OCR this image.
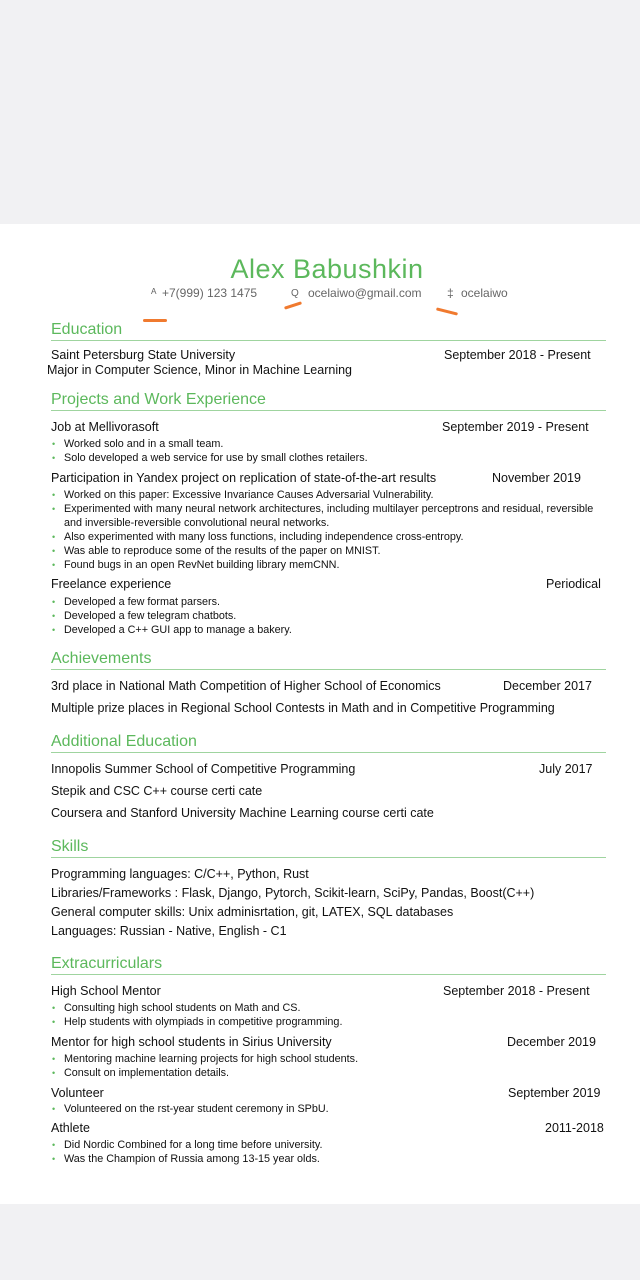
Alex Babushkin
ᴬ +7(999) 123 1475	Q ocelaiwo@gmail.com ‡ ocelaiwo
Education
Saint Petersburg State University	September 2018 - Present
Major in Computer Science, Minor in Machine Learning
Projects and Work Experience
Job at Mellivorasoft	September 2019 - Present
• Worked solo and in a small team.
• Solo developed a web service for use by small clothes retailers.
Participation in Yandex project on replication of state-of-the-art results	November 2019
• Worked on this paper: Excessive Invariance Causes Adversarial Vulnerability.
• Experimented with many neural network architectures, including multilayer perceptrons and residual, reversible
and inversible-reversible convolutional neural networks.
• Also experimented with many loss functions, including independence cross-entropy.
• Was able to reproduce some of the results of the paper on MNIST.
• Found bugs in an open RevNet building library memCNN.
Freelance experience	Periodical
• Developed a few format parsers.
• Developed a few telegram chatbots.
• Developed a C++ GUI app to manage a bakery.
Achievements
3rd place in National Math Competition of Higher School of Economics	December 2017
Multiple prize places in Regional School Contests in Math and in Competitive Programming
Additional Education
Innopolis Summer School of Competitive Programming	July 2017
Stepik and CSC C++ course certi cate
Coursera and Stanford University Machine Learning course certi cate
Skills
Programming languages: C/C++, Python, Rust
Libraries/Frameworks : Flask, Django, Pytorch, Scikit-learn, SciPy, Pandas, Boost(C++)
General computer skills: Unix adminisrtation, git, LATEX, SQL databases
Languages: Russian - Native, English - C1
Extracurriculars
High School Mentor	September 2018 - Present
• Consulting high school students on Math and CS.
• Help students with olympiads in competitive programming.
Mentor for high school students in Sirius University	December 2019
• Mentoring machine learning projects for high school students.
• Consult on implementation details.
Volunteer	September 2019
• Volunteered on the rst-year student ceremony in SPbU.
Athlete	2011-2018
• Did Nordic Combined for a long time before university.
• Was the Champion of Russia among 13-15 year olds.
